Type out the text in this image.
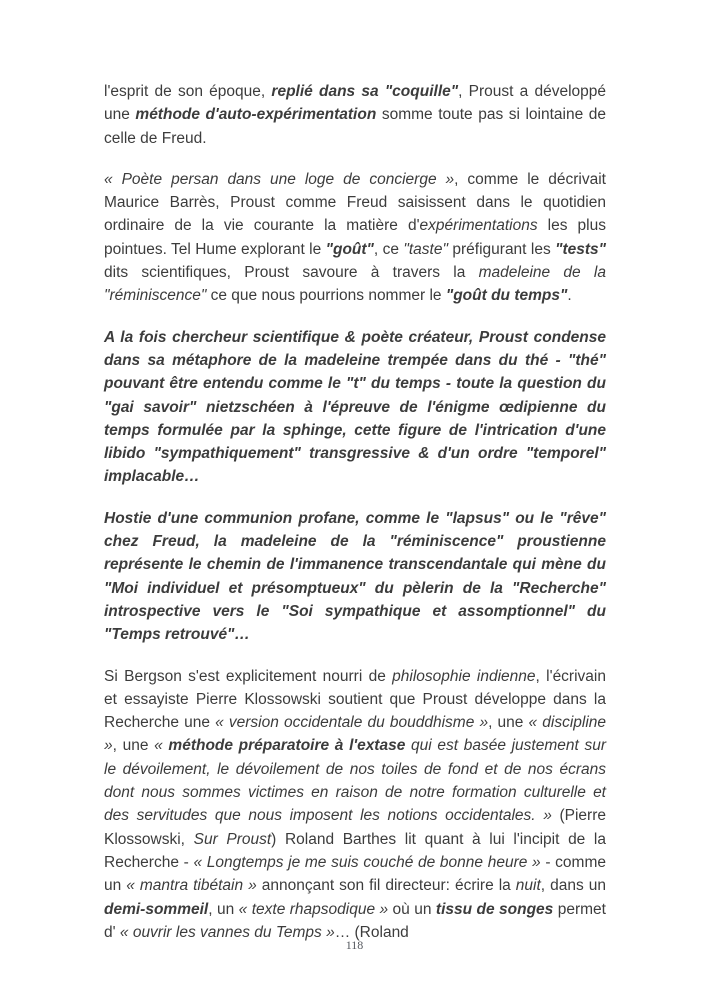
l'esprit de son époque, replié dans sa "coquille", Proust a développé une méthode d'auto-expérimentation somme toute pas si lointaine de celle de Freud.

« Poète persan dans une loge de concierge », comme le décrivait Maurice Barrès, Proust comme Freud saisissent dans le quotidien ordinaire de la vie courante la matière d'expérimentations les plus pointues. Tel Hume explorant le "goût", ce "taste" préfigurant les "tests" dits scientifiques, Proust savoure à travers la madeleine de la "réminiscence" ce que nous pourrions nommer le "goût du temps".

A la fois chercheur scientifique & poète créateur, Proust condense dans sa métaphore de la madeleine trempée dans du thé - "thé" pouvant être entendu comme le "t" du temps - toute la question du "gai savoir" nietzschéen à l'épreuve de l'énigme œdipienne du temps formulée par la sphinge, cette figure de l'intrication d'une libido "sympathiquement" transgressive & d'un ordre "temporel" implacable…

Hostie d'une communion profane, comme le "lapsus" ou le "rêve" chez Freud, la madeleine de la "réminiscence" proustienne représente le chemin de l'immanence transcendantale qui mène du "Moi individuel et présomptueux" du pèlerin de la "Recherche" introspective vers le "Soi sympathique et assomptionnel" du "Temps retrouvé"…

Si Bergson s'est explicitement nourri de philosophie indienne, l'écrivain et essayiste Pierre Klossowski soutient que Proust développe dans la Recherche une « version occidentale du bouddhisme », une « discipline », une « méthode préparatoire à l'extase qui est basée justement sur le dévoilement, le dévoilement de nos toiles de fond et de nos écrans dont nous sommes victimes en raison de notre formation culturelle et des servitudes que nous imposent les notions occidentales. » (Pierre Klossowski, Sur Proust) Roland Barthes lit quant à lui l'incipit de la Recherche - « Longtemps je me suis couché de bonne heure » - comme un « mantra tibétain » annonçant son fil directeur: écrire la nuit, dans un demi-sommeil, un « texte rhapsodique » où un tissu de songes permet d' « ouvrir les vannes du Temps »… (Roland

118
